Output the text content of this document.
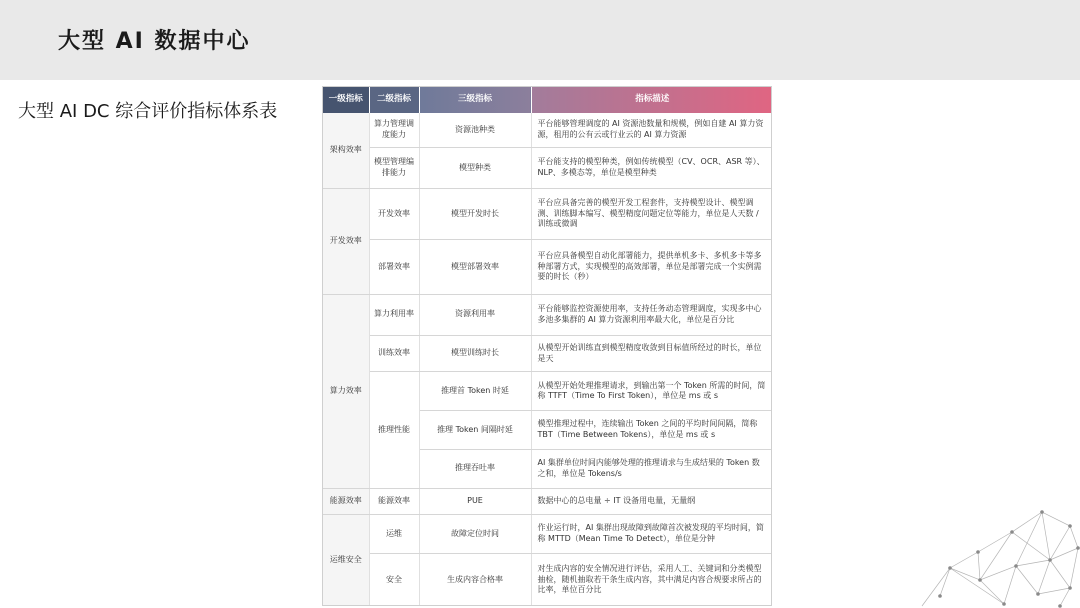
大型 AI 数据中心
大型 AI DC 综合评价指标体系表
一级指标	二级指标	三级指标	指标描述
架构效率	算力管理调度能力	资源池种类	平台能够管理调度的 AI 资源池数量和规模，例如自建 AI 算力资源，租用的公有云或行业云的 AI 算力资源
	模型管理编排能力	模型种类	平台能支持的模型种类，例如传统模型（CV、OCR、ASR 等）、NLP、多模态等，单位是模型种类
开发效率	开发效率	模型开发时长	平台应具备完善的模型开发工程套件，支持模型设计、模型调测、训练脚本编写、模型精度问题定位等能力，单位是人天数 / 训练或微调
	部署效率	模型部署效率	平台应具备模型自动化部署能力，提供单机多卡、多机多卡等多种部署方式，实现模型的高效部署，单位是部署完成一个实例需要的时长（秒）
算力效率	算力利用率	资源利用率	平台能够监控资源使用率，支持任务动态管理调度，实现多中心多池多集群的 AI 算力资源利用率最大化，单位是百分比
	训练效率	模型训练时长	从模型开始训练直到模型精度收敛到目标值所经过的时长，单位是天
	推理性能	推理首 Token 时延	从模型开始处理推理请求，到输出第一个 Token 所需的时间，简称 TTFT（Time To First Token），单位是 ms 或 s
		推理 Token 间隔时延	模型推理过程中，连续输出 Token 之间的平均时间间隔，简称 TBT（Time Between Tokens），单位是 ms 或 s
		推理吞吐率	AI 集群单位时间内能够处理的推理请求与生成结果的 Token 数之和，单位是 Tokens/s
能源效率	能源效率	PUE	数据中心的总电量 ÷ IT 设备用电量，无量纲
运维安全	运维	故障定位时间	作业运行时，AI 集群出现故障到故障首次被发现的平均时间，简称 MTTD（Mean Time To Detect），单位是分钟
	安全	生成内容合格率	对生成内容的安全情况进行评估，采用人工、关键词和分类模型抽检，随机抽取若干条生成内容，其中满足内容合规要求所占的比率，单位百分比
